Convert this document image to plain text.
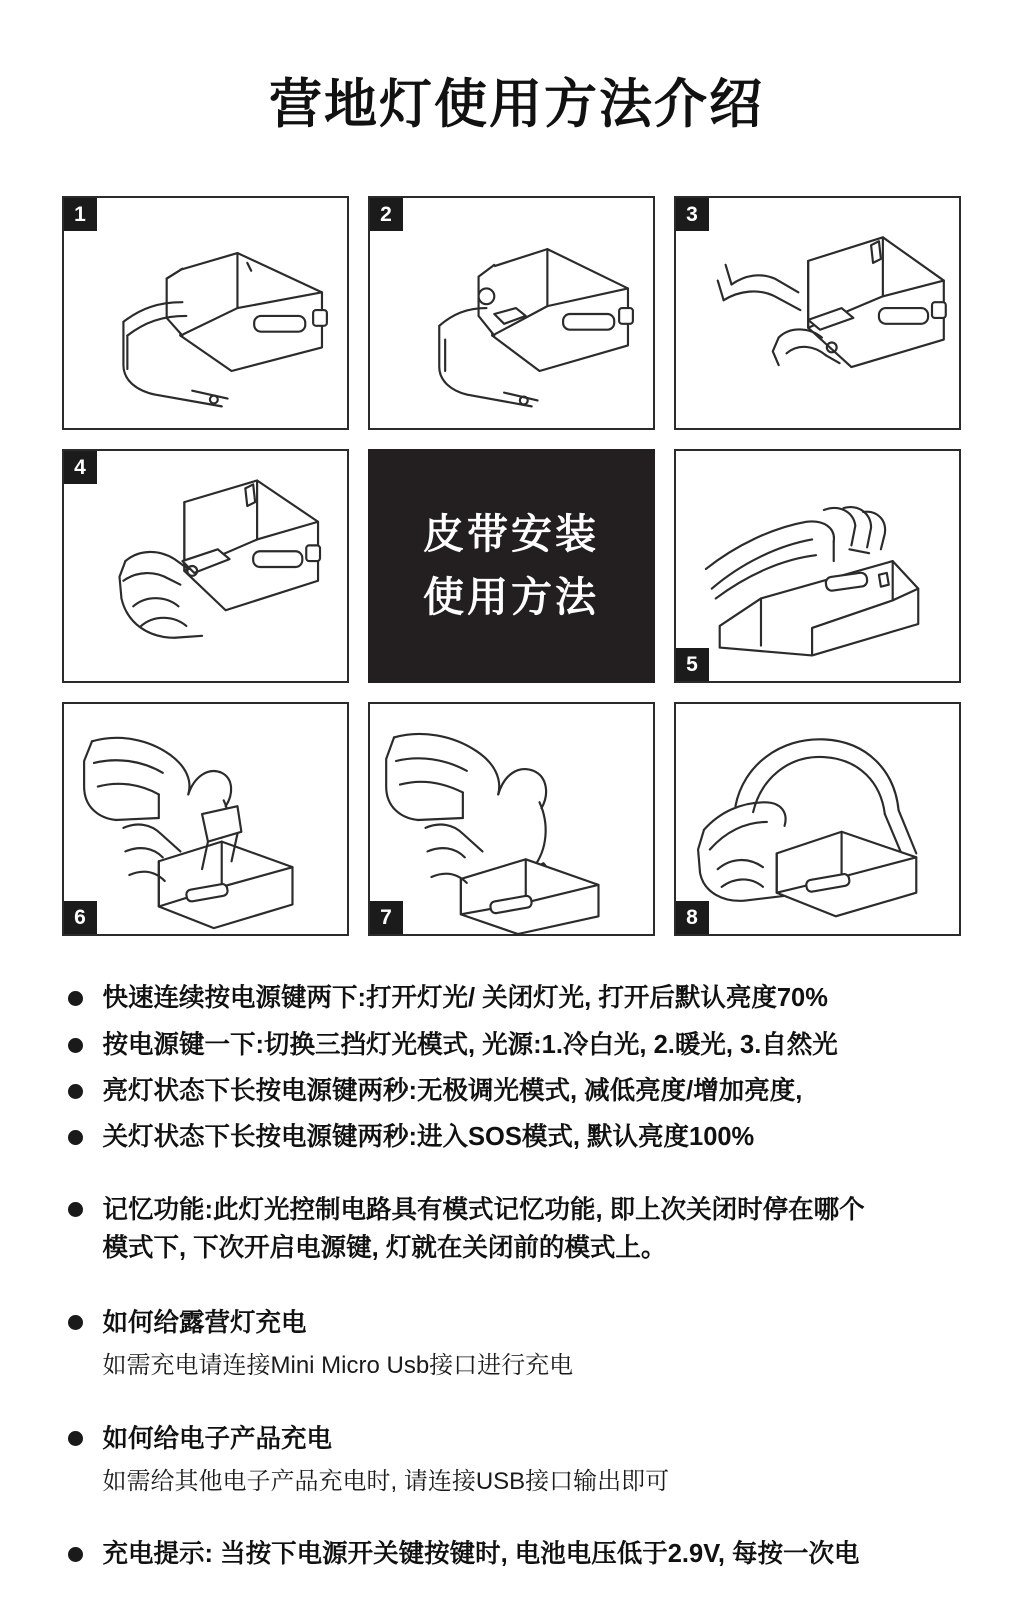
营地灯使用方法介绍
1	2	3
4
皮带安装
使用方法
5
6	7	8
快速连续按电源键两下:打开灯光/ 关闭灯光, 打开后默认亮度70%
按电源键一下:切换三挡灯光模式, 光源:1.冷白光, 2.暖光, 3.自然光
亮灯状态下长按电源键两秒:无极调光模式, 减低亮度/增加亮度,
关灯状态下长按电源键两秒:进入SOS模式, 默认亮度100%
记忆功能:此灯光控制电路具有模式记忆功能, 即上次关闭时停在哪个
模式下, 下次开启电源键, 灯就在关闭前的模式上。
如何给露营灯充电
如需充电请连接Mini Micro Usb接口进行充电
如何给电子产品充电
如需给其他电子产品充电时, 请连接USB接口输出即可
充电提示: 当按下电源开关键按键时, 电池电压低于2.9V, 每按一次电
